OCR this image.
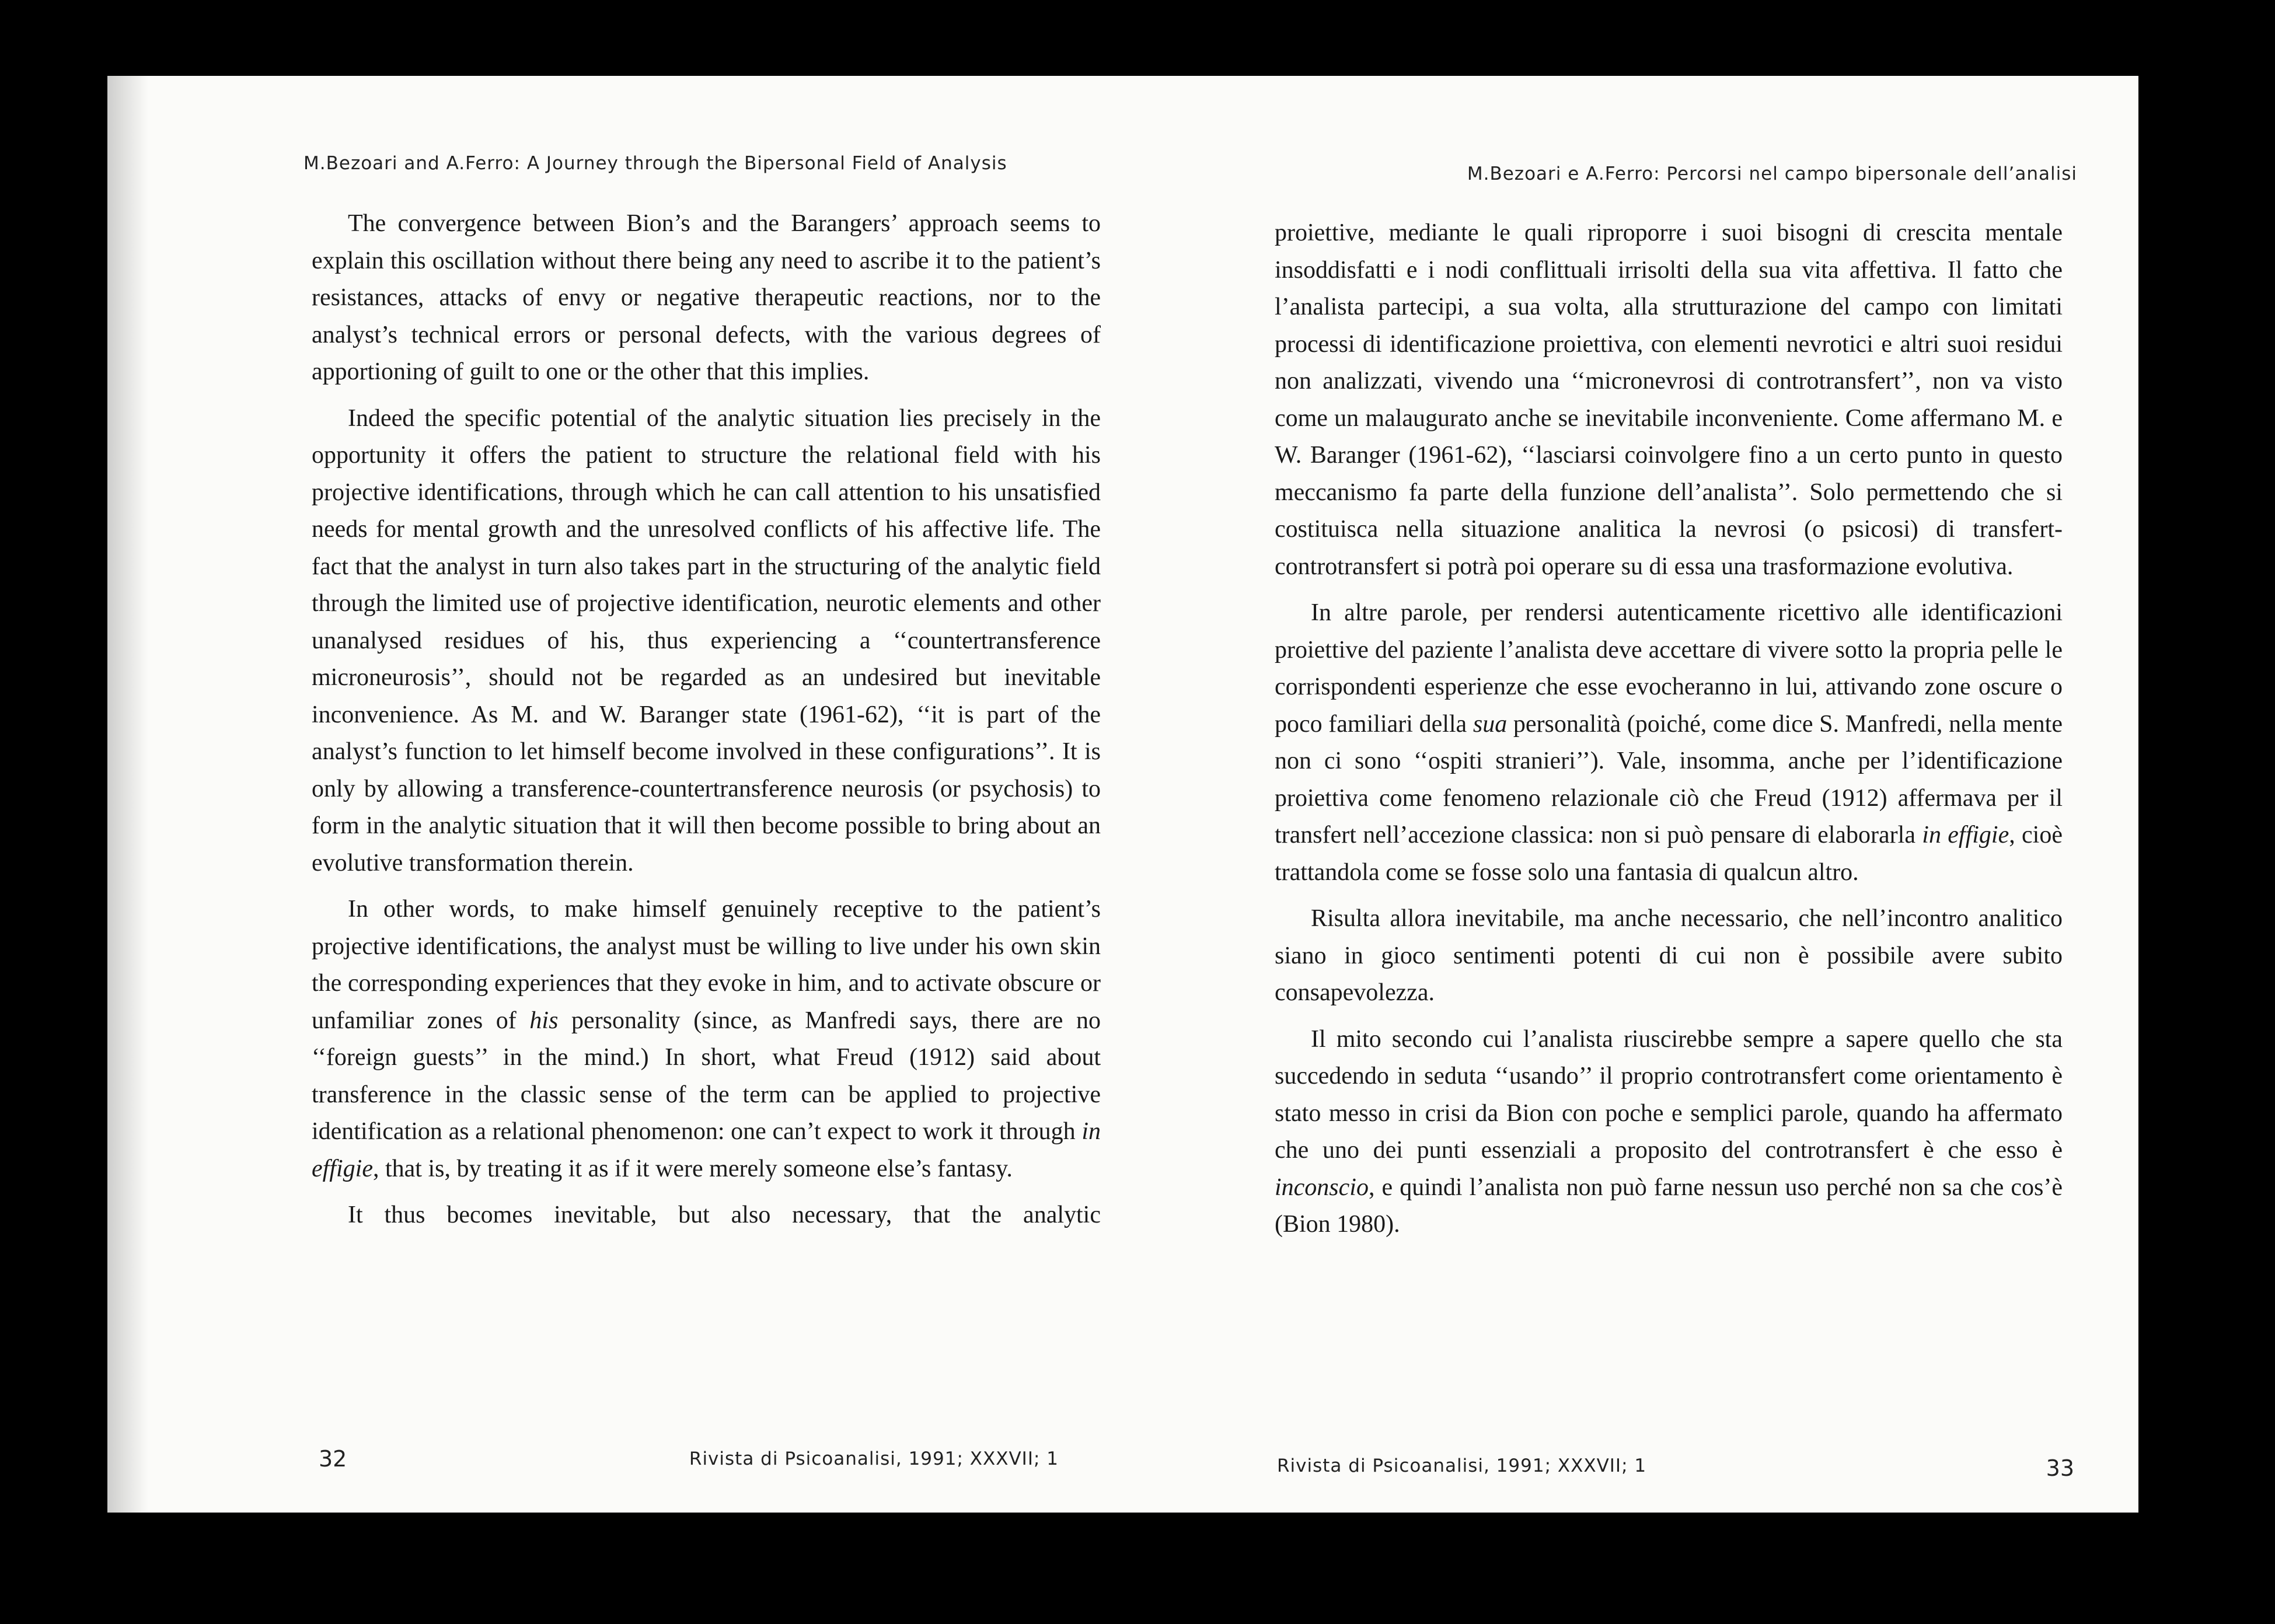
M.Bezoari and A.Ferro: A Journey through the Bipersonal Field of Analysis

The convergence between Bion’s and the Barangers’ approach seems to explain this oscillation without there being any need to ascribe it to the patient’s resistances, attacks of envy or negative therapeutic reactions, nor to the analyst’s technical errors or personal defects, with the various degrees of apportioning of guilt to one or the other that this implies.

Indeed the specific potential of the analytic situation lies precisely in the opportunity it offers the patient to structure the relational field with his projective identifications, through which he can call attention to his unsatisfied needs for mental growth and the unresolved conflicts of his affective life. The fact that the analyst in turn also takes part in the structuring of the analytic field through the limited use of projective identification, neurotic elements and other unanalysed residues of his, thus experiencing a ‘‘countertransference microneurosis’’, should not be regarded as an undesired but inevitable inconvenience. As M. and W. Baranger state (1961-62), ‘‘it is part of the analyst’s function to let himself become involved in these configurations’’. It is only by allowing a transference-countertransference neurosis (or psychosis) to form in the analytic situation that it will then become possible to bring about an evolutive transformation therein.

In other words, to make himself genuinely receptive to the patient’s projective identifications, the analyst must be willing to live under his own skin the corresponding experiences that they evoke in him, and to activate obscure or unfamiliar zones of his personality (since, as Manfredi says, there are no ‘‘foreign guests’’ in the mind.) In short, what Freud (1912) said about transference in the classic sense of the term can be applied to projective identification as a relational phenomenon: one can’t expect to work it through in effigie, that is, by treating it as if it were merely someone else’s fantasy.

It thus becomes inevitable, but also necessary, that the analytic

32	Rivista di Psicoanalisi, 1991; XXXVII; 1
M.Bezoari e A.Ferro: Percorsi nel campo bipersonale dell’analisi

proiettive, mediante le quali riproporre i suoi bisogni di crescita mentale insoddisfatti e i nodi conflittuali irrisolti della sua vita affettiva. Il fatto che l’analista partecipi, a sua volta, alla strutturazione del campo con limitati processi di identificazione proiettiva, con elementi nevrotici e altri suoi residui non analizzati, vivendo una ‘‘micronevrosi di controtransfert’’, non va visto come un malaugurato anche se inevitabile inconveniente. Come affermano M. e W. Baranger (1961-62), ‘‘lasciarsi coinvolgere fino a un certo punto in questo meccanismo fa parte della funzione dell’analista’’. Solo permettendo che si costituisca nella situazione analitica la nevrosi (o psicosi) di transfert-controtransfert si potrà poi operare su di essa una trasformazione evolutiva.

In altre parole, per rendersi autenticamente ricettivo alle identificazioni proiettive del paziente l’analista deve accettare di vivere sotto la propria pelle le corrispondenti esperienze che esse evocheranno in lui, attivando zone oscure o poco familiari della sua personalità (poiché, come dice S. Manfredi, nella mente non ci sono ‘‘ospiti stranieri’’). Vale, insomma, anche per l’identificazione proiettiva come fenomeno relazionale ciò che Freud (1912) affermava per il transfert nell’accezione classica: non si può pensare di elaborarla in effigie, cioè trattandola come se fosse solo una fantasia di qualcun altro.

Risulta allora inevitabile, ma anche necessario, che nell’incontro analitico siano in gioco sentimenti potenti di cui non è possibile avere subito consapevolezza.

Il mito secondo cui l’analista riuscirebbe sempre a sapere quello che sta succedendo in seduta ‘‘usando’’ il proprio controtransfert come orientamento è stato messo in crisi da Bion con poche e semplici parole, quando ha affermato che uno dei punti essenziali a proposito del controtransfert è che esso è inconscio, e quindi l’analista non può farne nessun uso perché non sa che cos’è (Bion 1980).

Rivista di Psicoanalisi, 1991; XXXVII; 1	33
